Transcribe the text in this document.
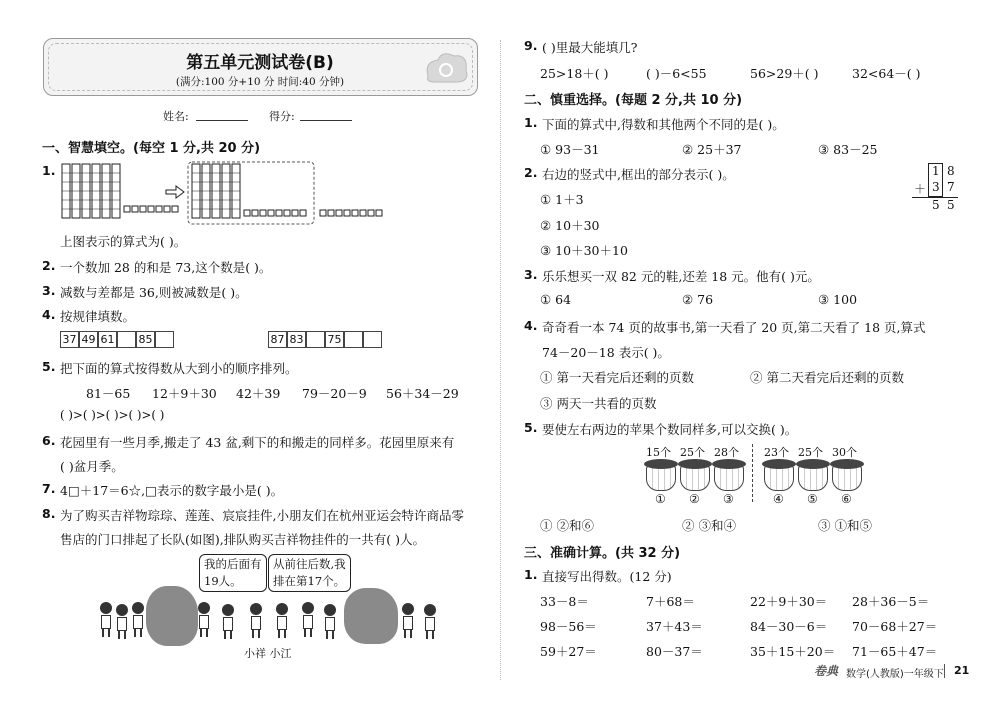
第五单元测试卷(B)
(满分:100 分+10 分 时间:40 分钟)
姓名:	得分:
一、智慧填空。(每空 1 分,共 20 分)
1.
上图表示的算式为( )。
2. 一个数加 28 的和是 73,这个数是( )。
3. 减数与差都是 36,则被减数是( )。
4. 按规律填数。
37 49 61 85	87 83 75
5. 把下面的算式按得数从大到小的顺序排列。
81－65 12＋9＋30 42＋39 79－20－9 56＋34－29
( )>( )>( )>( )>( )
6. 花园里有一些月季,搬走了 43 盆,剩下的和搬走的同样多。花园里原来有
( )盆月季。
7. 4□＋17＝6☆,□表示的数字最小是( )。
8. 为了购买吉祥物琮琮、莲莲、宸宸挂件,小朋友们在杭州亚运会特许商品零
售店的门口排起了长队(如图),排队购买吉祥物挂件的一共有( )人。
我的后面有
19人。
从前往后数,我
排在第17个。
小祥 小江
9. ( )里最大能填几?
25>18＋( )	( )－6<55	56>29＋( )	32<64－( )
二、慎重选择。(每题 2 分,共 10 分)
1. 下面的算式中,得数和其他两个不同的是( )。
① 93－31	② 25＋37	③ 83－25
2. 右边的竖式中,框出的部分表示( )。
① 1＋3
② 10＋30
③ 10＋30＋10
1 8
＋ 3 7
5 5
3. 乐乐想买一双 82 元的鞋,还差 18 元。他有( )元。
① 64	② 76	③ 100
4. 奇奇看一本 74 页的故事书,第一天看了 20 页,第二天看了 18 页,算式
74－20－18 表示( )。
① 第一天看完后还剩的页数	② 第二天看完后还剩的页数
③ 两天一共看的页数
5. 要使左右两边的苹果个数同样多,可以交换( )。
15个 25个 28个 23个 25个 30个
① ② ③	④ ⑤ ⑥
① ②和⑥	② ③和④	③ ①和⑤
三、准确计算。(共 32 分)
1. 直接写出得数。(12 分)
33－8＝	7＋68＝	22＋9＋30＝ 28＋36－5＝
98－56＝	37＋43＝	84－30－6＝ 70－68＋27＝
59＋27＝	80－37＝	35＋15＋20＝ 71－65＋47＝
卷典 数学(人教版)一年级下 21
